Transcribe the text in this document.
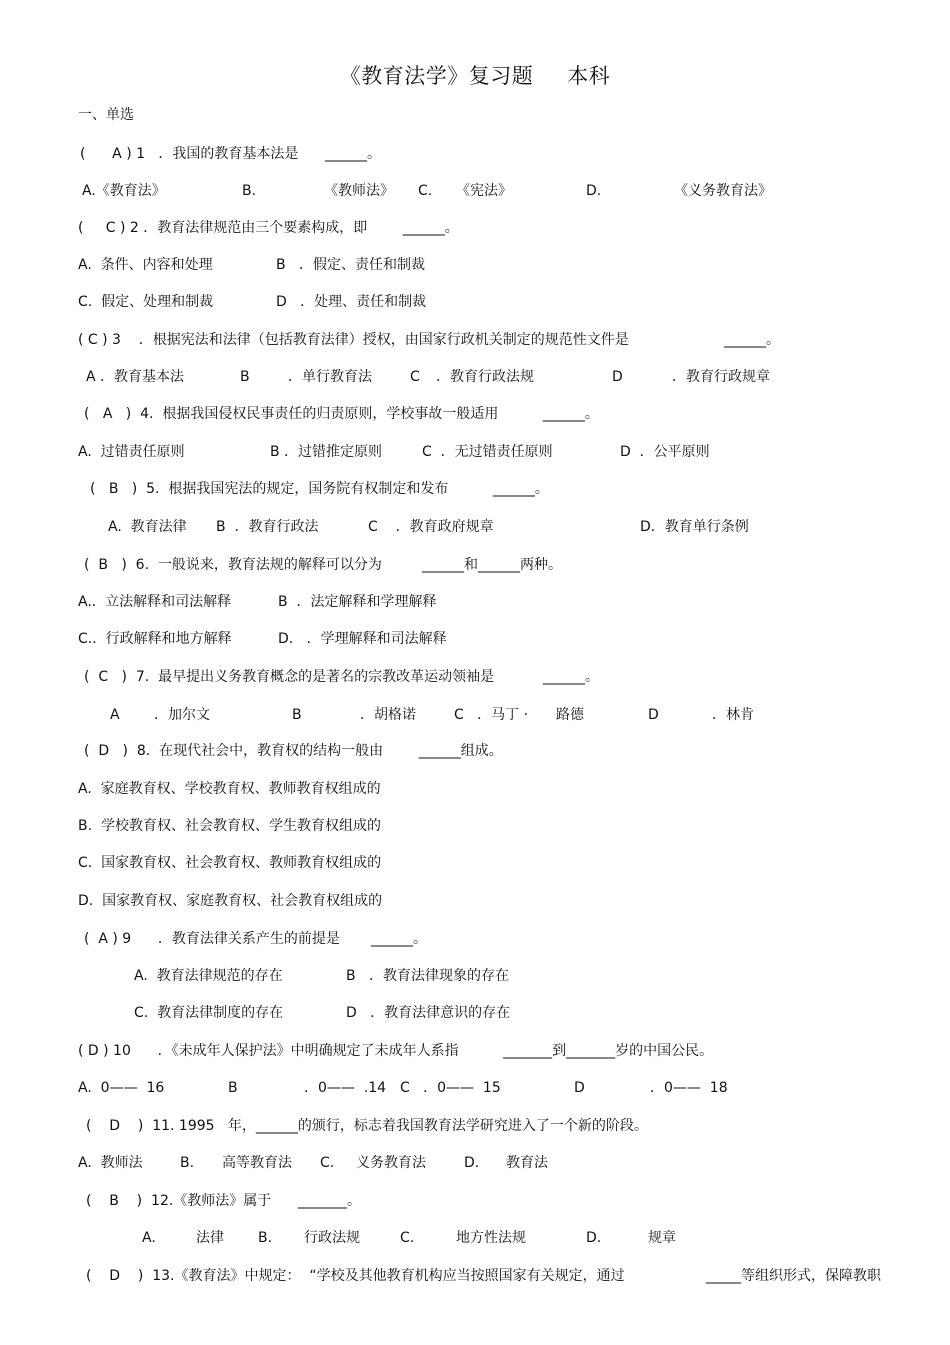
《教育法学》复习题 本科
一、单选
(      A ) 1   ．我国的教育基本法是      ______。
A.《教育法》	B.	《教师法》 C. 《宪法》	D.	《义务教育法》
(     C ) 2 ．教育法律规范由三个要素构成，即        ______。
A.  条件、内容和处理	B   ．假定、责任和制裁
C.  假定、处理和制裁	D   ．处理、责任和制裁
( C ) 3    ．根据宪法和法律（包括教育法律）授权，由国家行政机关制定的规范性文件是	______。
A ．教育基本法	B	．单行教育法	C ．教育行政法规	D	．教育行政规章
(   A   )  4.  根据我国侵权民事责任的归责原则，学校事故一般适用          ______。
A.  过错责任原则	B ．过错推定原则	C  ．无过错责任原则	D  ．公平原则
(   B   )  5.  根据我国宪法的规定，国务院有权制定和发布          ______。
A.  教育法律 B  ．教育行政法	C    ．教育政府规章	D．教育单行条例
(  B   )  6.  一般说来，教育法规的解释可以分为         ______和______两种。
A..  立法解释和司法解释	B  ．法定解释和学理解释
C..  行政解释和地方解释	D.   ．学理解释和司法解释
(  C   )  7.  最早提出义务教育概念的是著名的宗教改革运动领袖是           ______。
A ．加尔文	B	．胡格诺	C   ．马丁 · 路德	D	．林肯
(  D   )  8.  在现代社会中，教育权的结构一般由        ______组成。
A.  家庭教育权、学校教育权、教师教育权组成的
B.  学校教育权、社会教育权、学生教育权组成的
C.  国家教育权、社会教育权、教师教育权组成的
D.  国家教育权、家庭教育权、社会教育权组成的
(  A ) 9      ．教育法律关系产生的前提是       ______。
A.  教育法律规范的存在	B   ．教育法律现象的存在
C.  教育法律制度的存在	D   ．教育法律意识的存在
( D ) 10      ．《未成年人保护法》中明确规定了未成年人系指          _______到_______岁的中国公民。
A.  0——  16	B	．0——  .14 C   ．0——  15	D	．0——  18
(    D    )  11. 1995   年，______的颁行，标志着我国教育法学研究进入了一个新的阶段。
A.  教师法	B. 高等教育法 C. 义务教育法	D. 教育法
(    B    )  12.《教师法》属于      _______。
A.	法律 B. 行政法规	C.	地方性法规	D.	规章
(    D    )  13.《教育法》中规定：  “学校及其他教育机构应当按照国家有关规定，通过	_____等组织形式，保障教职
